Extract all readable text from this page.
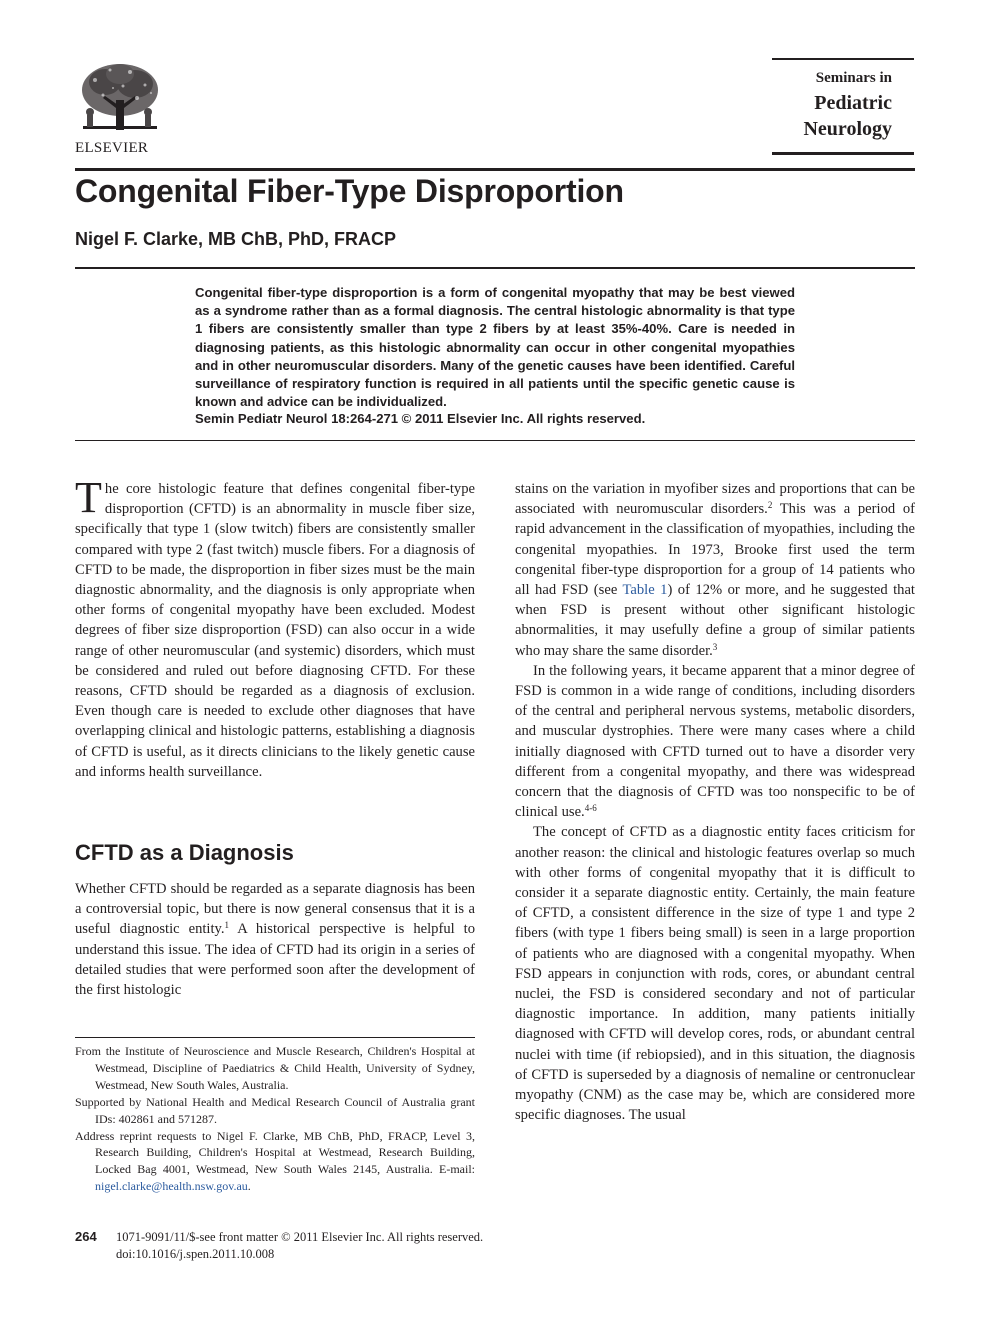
ELSEVIER
Seminars in
Pediatric
Neurology
Congenital Fiber-Type Disproportion
Nigel F. Clarke, MB ChB, PhD, FRACP

Congenital fiber-type disproportion is a form of congenital myopathy that may be best viewed as a syndrome rather than as a formal diagnosis. The central histologic abnormality is that type 1 fibers are consistently smaller than type 2 fibers by at least 35%-40%. Care is needed in diagnosing patients, as this histologic abnormality can occur in other congenital myopathies and in other neuromuscular disorders. Many of the genetic causes have been identified. Careful surveillance of respiratory function is required in all patients until the specific genetic cause is known and advice can be individualized.

Semin Pediatr Neurol 18:264-271 © 2011 Elsevier Inc. All rights reserved.
The core histologic feature that defines congenital fiber-type disproportion (CFTD) is an abnormality in muscle fiber size, specifically that type 1 (slow twitch) fibers are consistently smaller compared with type 2 (fast twitch) muscle fibers. For a diagnosis of CFTD to be made, the disproportion in fiber sizes must be the main diagnostic abnormality, and the diagnosis is only appropriate when other forms of congenital myopathy have been excluded. Modest degrees of fiber size disproportion (FSD) can also occur in a wide range of other neuromuscular (and systemic) disorders, which must be considered and ruled out before diagnosing CFTD. For these reasons, CFTD should be regarded as a diagnosis of exclusion. Even though care is needed to exclude other diagnoses that have overlapping clinical and histologic patterns, establishing a diagnosis of CFTD is useful, as it directs clinicians to the likely genetic cause and informs health surveillance.
CFTD as a Diagnosis
Whether CFTD should be regarded as a separate diagnosis has been a controversial topic, but there is now general consensus that it is a useful diagnostic entity.$^1$ A historical perspective is helpful to understand this issue. The idea of CFTD had its origin in a series of detailed studies that were performed soon after the development of the first histologic
stains on the variation in myofiber sizes and proportions that can be associated with neuromuscular disorders.$^2$ This was a period of rapid advancement in the classification of myopathies, including the congenital myopathies. In 1973, Brooke first used the term congenital fiber-type disproportion for a group of 14 patients who all had FSD (see Table 1) of 12% or more, and he suggested that when FSD is present without other significant histologic abnormalities, it may usefully define a group of similar patients who may share the same disorder.$^3$
In the following years, it became apparent that a minor degree of FSD is common in a wide range of conditions, including disorders of the central and peripheral nervous systems, metabolic disorders, and muscular dystrophies. There were many cases where a child initially diagnosed with CFTD turned out to have a disorder very different from a congenital myopathy, and there was widespread concern that the diagnosis of CFTD was too nonspecific to be of clinical use.$^{4-6}$
The concept of CFTD as a diagnostic entity faces criticism for another reason: the clinical and histologic features overlap so much with other forms of congenital myopathy that it is difficult to consider it a separate diagnostic entity. Certainly, the main feature of CFTD, a consistent difference in the size of type 1 and type 2 fibers (with type 1 fibers being small) is seen in a large proportion of patients who are diagnosed with a congenital myopathy. When FSD appears in conjunction with rods, cores, or abundant central nuclei, the FSD is considered secondary and not of particular diagnostic importance. In addition, many patients initially diagnosed with CFTD will develop cores, rods, or abundant central nuclei with time (if rebiopsied), and in this situation, the diagnosis of CFTD is superseded by a diagnosis of nemaline or centronuclear myopathy (CNM) as the case may be, which are considered more specific diagnoses. The usual

From the Institute of Neuroscience and Muscle Research, Children's Hospital at Westmead, Discipline of Paediatrics & Child Health, University of Sydney, Westmead, New South Wales, Australia.

Supported by National Health and Medical Research Council of Australia grant IDs: 402861 and 571287.

Address reprint requests to Nigel F. Clarke, MB ChB, PhD, FRACP, Level 3, Research Building, Children's Hospital at Westmead, Research Building, Locked Bag 4001, Westmead, New South Wales 2145, Australia. E-mail: nigel.clarke@health.nsw.gov.au.

264 1071-9091/11/$-see front matter © 2011 Elsevier Inc. All rights reserved.
doi:10.1016/j.spen.2011.10.008
